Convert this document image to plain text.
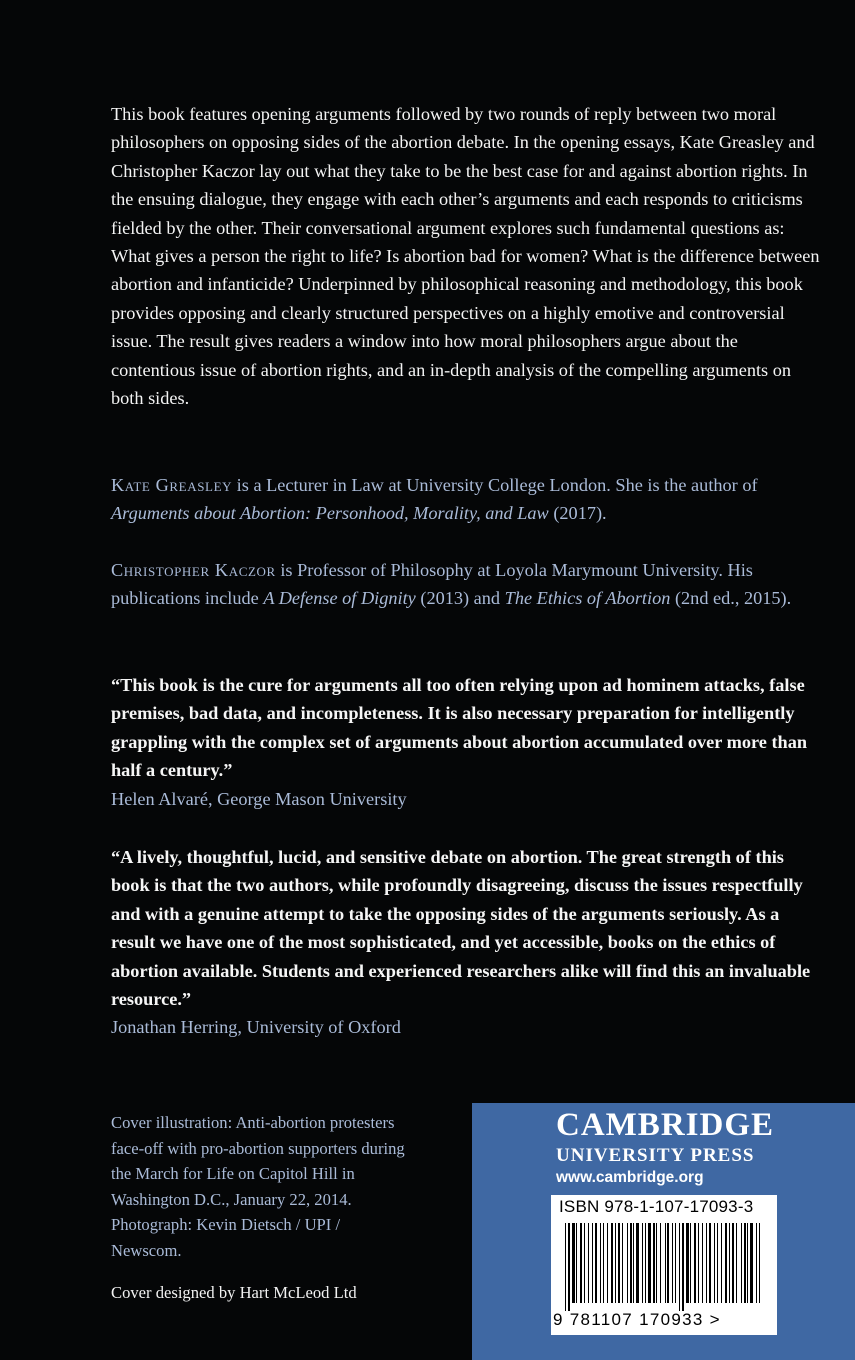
This book features opening arguments followed by two rounds of reply between two moral philosophers on opposing sides of the abortion debate. In the opening essays, Kate Greasley and Christopher Kaczor lay out what they take to be the best case for and against abortion rights. In the ensuing dialogue, they engage with each other’s arguments and each responds to criticisms fielded by the other. Their conversational argument explores such fundamental questions as: What gives a person the right to life? Is abortion bad for women? What is the difference between abortion and infanticide? Underpinned by philosophical reasoning and methodology, this book provides opposing and clearly structured perspectives on a highly emotive and controversial issue. The result gives readers a window into how moral philosophers argue about the contentious issue of abortion rights, and an in-depth analysis of the compelling arguments on both sides.
Kate Greasley is a Lecturer in Law at University College London. She is the author of Arguments about Abortion: Personhood, Morality, and Law (2017).
Christopher Kaczor is Professor of Philosophy at Loyola Marymount University. His publications include A Defense of Dignity (2013) and The Ethics of Abortion (2nd ed., 2015).
“This book is the cure for arguments all too often relying upon ad hominem attacks, false premises, bad data, and incompleteness. It is also necessary preparation for intelligently grappling with the complex set of arguments about abortion accumulated over more than half a century.”
Helen Alvaré, George Mason University
“A lively, thoughtful, lucid, and sensitive debate on abortion. The great strength of this book is that the two authors, while profoundly disagreeing, discuss the issues respectfully and with a genuine attempt to take the opposing sides of the arguments seriously. As a result we have one of the most sophisticated, and yet accessible, books on the ethics of abortion available. Students and experienced researchers alike will find this an invaluable resource.”
Jonathan Herring, University of Oxford
Cover illustration: Anti-abortion protesters face-off with pro-abortion supporters during the March for Life on Capitol Hill in Washington D.C., January 22, 2014. Photograph: Kevin Dietsch / UPI / Newscom.
Cover designed by Hart McLeod Ltd
CAMBRIDGE
UNIVERSITY PRESS
www.cambridge.org
ISBN 978-1-107-17093-3
9 781107 170933 >
